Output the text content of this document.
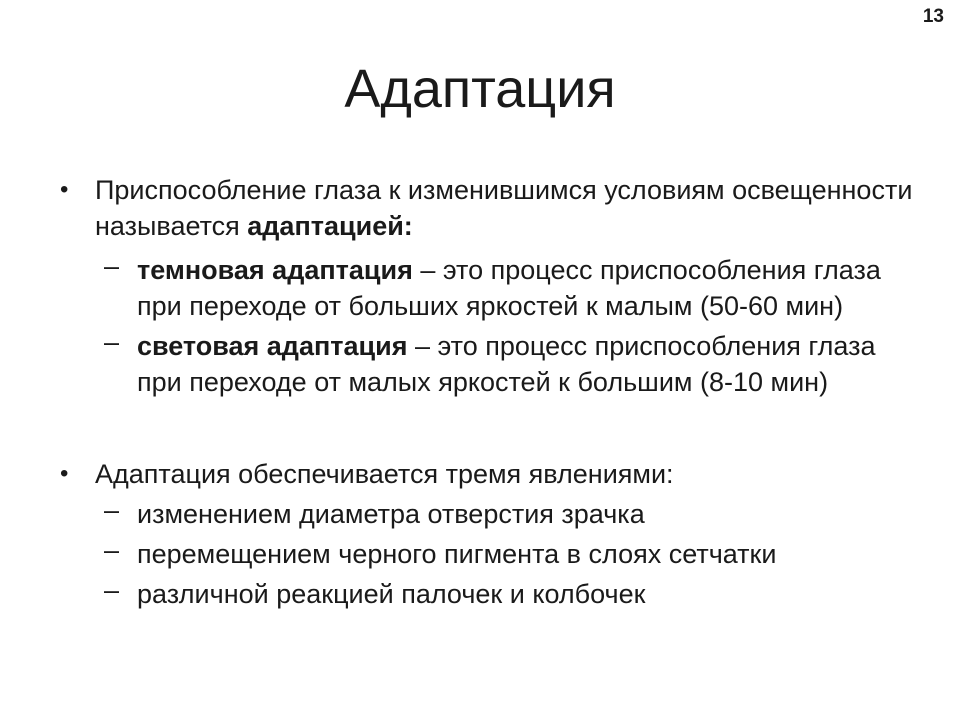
13
Адаптация
• Приспособление глаза к изменившимся условиям освещенности называется адаптацией:
– темновая адаптация – это процесс приспособления глаза при переходе от больших яркостей к малым (50-60 мин)
– световая адаптация – это процесс приспособления глаза при переходе от малых яркостей к большим (8-10 мин)
• Адаптация обеспечивается тремя явлениями:
– изменением диаметра отверстия зрачка
– перемещением черного пигмента в слоях сетчатки
– различной реакцией палочек и колбочек
